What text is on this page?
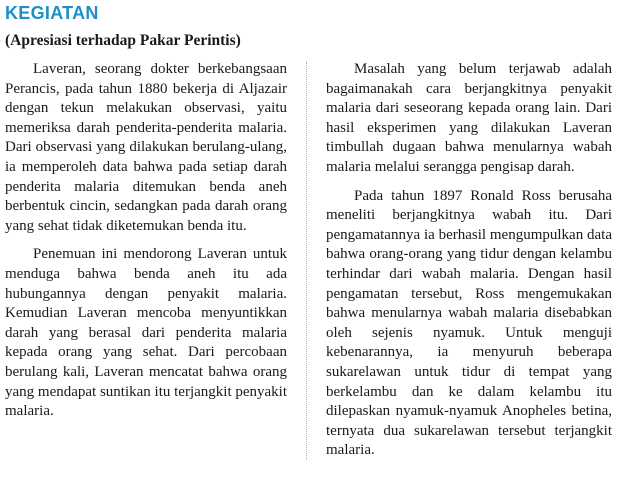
KEGIATAN
(Apresiasi terhadap Pakar Perintis)

Laveran, seorang dokter berkebangsaan Perancis, pada tahun 1880 bekerja di Aljazair dengan tekun melakukan observasi, yaitu memeriksa darah penderita-penderita malaria. Dari observasi yang dilakukan berulang-ulang, ia memperoleh data bahwa pada setiap darah penderita malaria ditemukan benda aneh berbentuk cincin, sedangkan pada darah orang yang sehat tidak diketemukan benda itu.

Penemuan ini mendorong Laveran untuk menduga bahwa benda aneh itu ada hubungannya dengan penyakit malaria. Kemudian Laveran mencoba menyuntikkan darah yang berasal dari penderita malaria kepada orang yang sehat. Dari percobaan berulang kali, Laveran mencatat bahwa orang yang mendapat suntikan itu terjangkit penyakit malaria.

Masalah yang belum terjawab adalah bagaimanakah cara berjangkitnya penyakit malaria dari seseorang kepada orang lain. Dari hasil eksperimen yang dilakukan Laveran timbullah dugaan bahwa menularnya wabah malaria melalui serangga pengisap darah.

Pada tahun 1897 Ronald Ross berusaha meneliti berjangkitnya wabah itu. Dari pengamatannya ia berhasil mengumpulkan data bahwa orang-orang yang tidur dengan kelambu terhindar dari wabah malaria. Dengan hasil pengamatan tersebut, Ross mengemukakan bahwa menularnya wabah malaria disebabkan oleh sejenis nyamuk. Untuk menguji kebenarannya, ia menyuruh beberapa sukarelawan untuk tidur di tempat yang berkelambu dan ke dalam kelambu itu dilepaskan nyamuk-nyamuk Anopheles betina, ternyata dua sukarelawan tersebut terjangkit malaria.
